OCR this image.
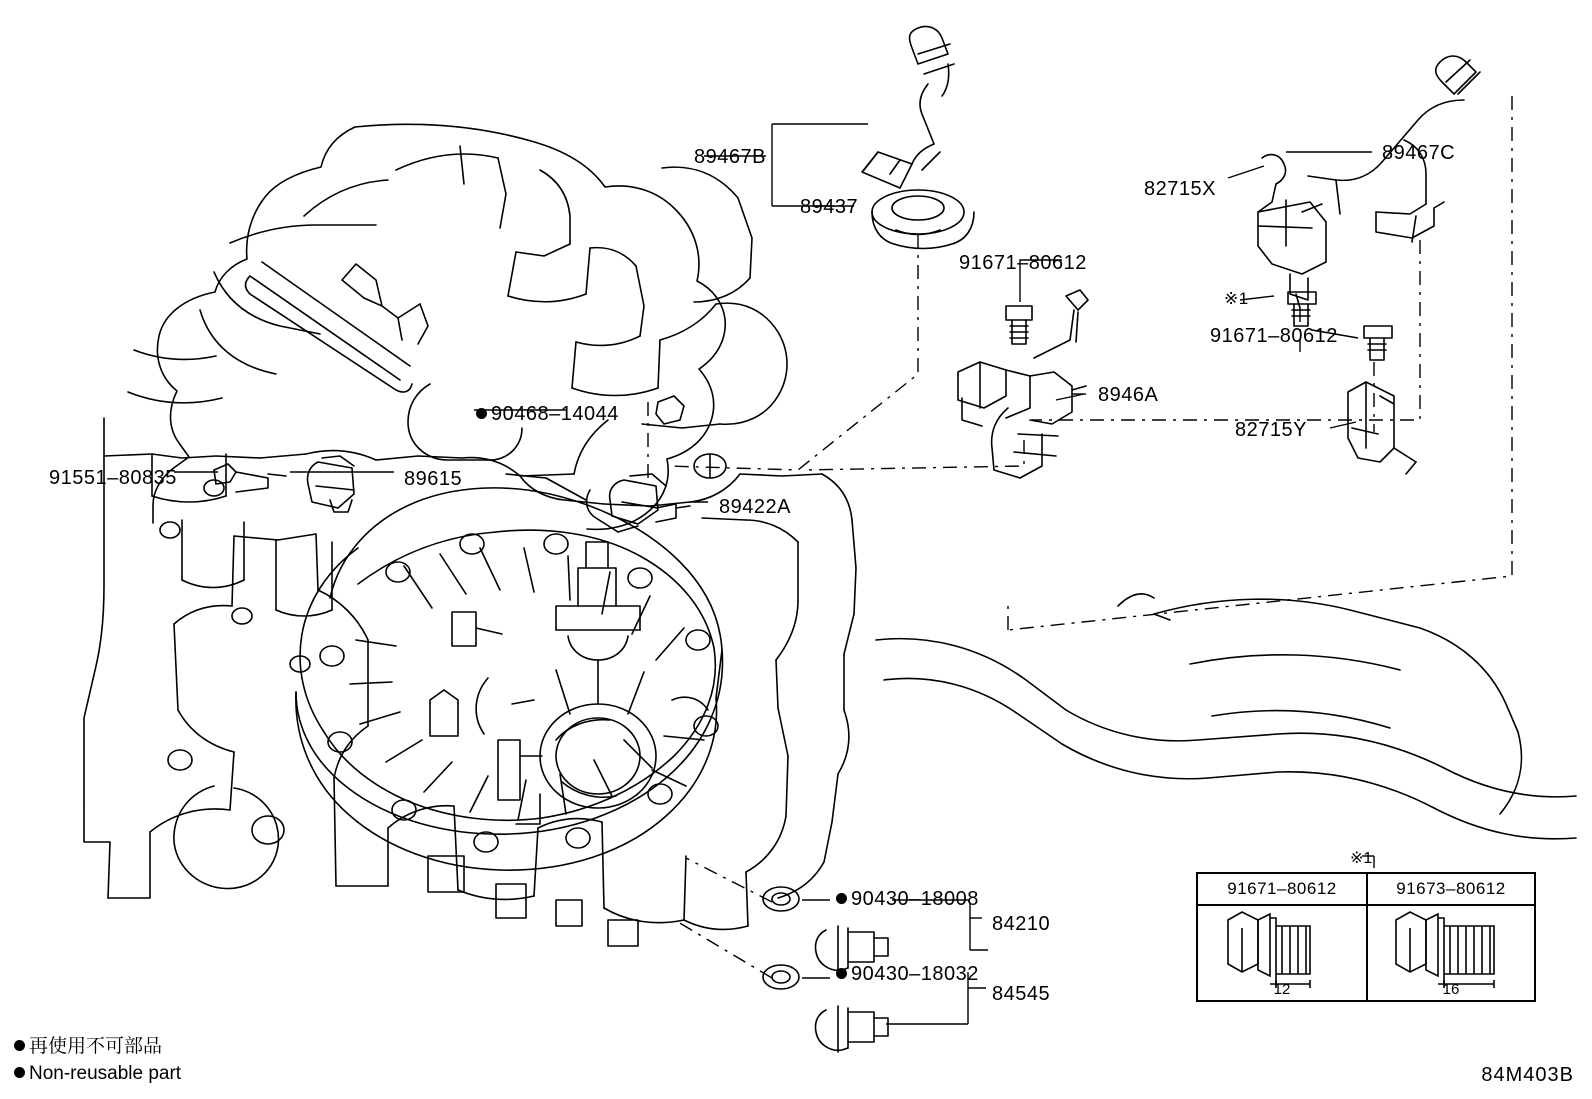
89467B
89437
89467C
82715X
91671–80612
8946A
91671–80612
82715Y
90468–14044
91551–80835	89615
89422A
90430–18008
84210
90430–18032
84545
※1
※1
91671–80612
12
91673–80612
16
再使用不可部品
Non-reusable part	84M403B
